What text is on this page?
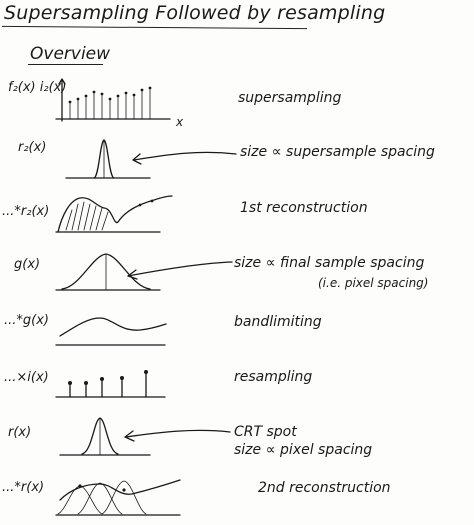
Supersampling Followed by resampling
Overview
f₂(x) i₂(x)
r₂(x)
...*r₂(x)
g(x)
...*g(x)
...×i(x)
r(x)
...*r(x)
supersampling
size ∝ supersample spacing
1st reconstruction
size ∝ final sample spacing
(i.e. pixel spacing)
bandlimiting
resampling
CRT spot
size ∝ pixel spacing
2nd reconstruction
x
